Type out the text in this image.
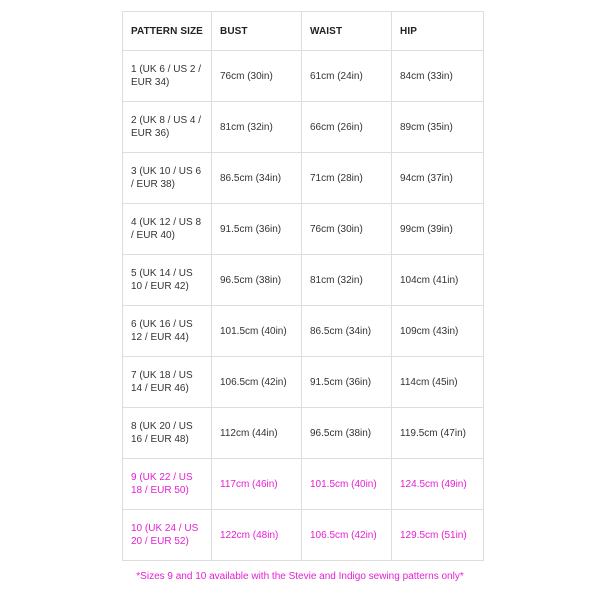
PATTERN SIZE	BUST	WAIST	HIP
1 (UK 6 / US 2 / EUR 34)	76cm (30in)	61cm (24in)	84cm (33in)
2 (UK 8 / US 4 / EUR 36)	81cm (32in)	66cm (26in)	89cm (35in)
3 (UK 10 / US 6 / EUR 38)	86.5cm (34in)	71cm (28in)	94cm (37in)
4 (UK 12 / US 8 / EUR 40)	91.5cm (36in)	76cm (30in)	99cm (39in)
5 (UK 14 / US 10 / EUR 42)	96.5cm (38in)	81cm (32in)	104cm (41in)
6 (UK 16 / US 12 / EUR 44)	101.5cm (40in)	86.5cm (34in)	109cm (43in)
7 (UK 18 / US 14 / EUR 46)	106.5cm (42in)	91.5cm (36in)	114cm (45in)
8 (UK 20 / US 16 / EUR 48)	112cm (44in)	96.5cm (38in)	119.5cm (47in)
9 (UK 22 / US 18 / EUR 50)	117cm (46in)	101.5cm (40in)	124.5cm (49in)
10 (UK 24 / US 20 / EUR 52)	122cm (48in)	106.5cm (42in)	129.5cm (51in)
*Sizes 9 and 10 available with the Stevie and Indigo sewing patterns only*
